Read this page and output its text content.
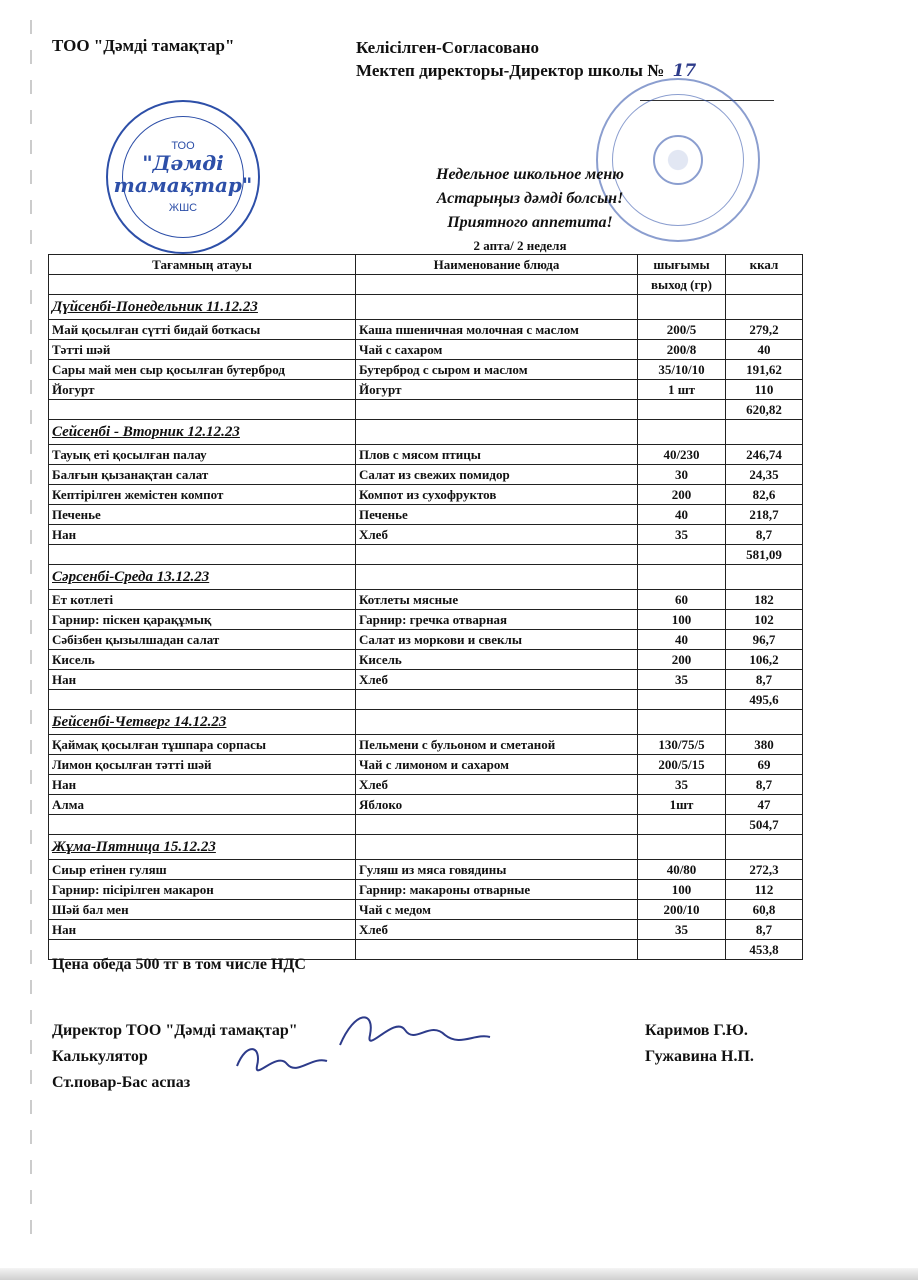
ТОО "Дәмді тамақтар"	Келісілген-Согласовано
Мектеп директоры-Директор школы № 17
ТОО
"Дәмді
тамақтар"
ЖШС
Недельное школьное меню
Астарыңыз дәмді болсын!
Приятного аппетита!
2 апта/ 2 неделя
Тағамның атауы	Наименование блюда	шығымы	ккал
		выход (гр)	
Дүйсенбі-Понедельник 11.12.23			
Май қосылған сүтті бидай боткасы	Каша пшеничная молочная с маслом	200/5	279,2
Тәтті шәй	Чай с сахаром	200/8	40
Сары май мен сыр қосылған бутерброд	Бутерброд с сыром и маслом	35/10/10	191,62
Йогурт	Йогурт	1 шт	110
			620,82
Сейсенбі - Вторник 12.12.23			
Тауық еті қосылған палау	Плов с мясом птицы	40/230	246,74
Балғын қызанақтан салат	Салат из свежих помидор	30	24,35
Кептірілген жемістен компот	Компот из сухофруктов	200	82,6
Печенье	Печенье	40	218,7
Нан	Хлеб	35	8,7
			581,09
Сәрсенбі-Среда 13.12.23			
Ет котлеті	Котлеты мясные	60	182
Гарнир: піскен қарақұмық	Гарнир: гречка отварная	100	102
Сәбізбен қызылшадан салат	Салат из моркови и свеклы	40	96,7
Кисель	Кисель	200	106,2
Нан	Хлеб	35	8,7
			495,6
Бейсенбі-Четверг 14.12.23			
Қаймақ қосылған тұшпара сорпасы	Пельмени с бульоном и сметаной	130/75/5	380
Лимон қосылған тәтті шәй	Чай с лимоном и сахаром	200/5/15	69
Нан	Хлеб	35	8,7
Алма	Яблоко	1шт	47
			504,7
Жұма-Пятница 15.12.23			
Сиыр етінен гуляш	Гуляш из мяса говядины	40/80	272,3
Гарнир: пісірілген макарон	Гарнир: макароны отварные	100	112
Шәй бал мен	Чай с медом	200/10	60,8
Нан	Хлеб	35	8,7
			453,8
Цена обеда 500 тг в том числе НДС
Директор ТОО "Дәмді тамақтар"	Каримов Г.Ю.
Калькулятор	Гужавина Н.П.
Ст.повар-Бас аспаз
